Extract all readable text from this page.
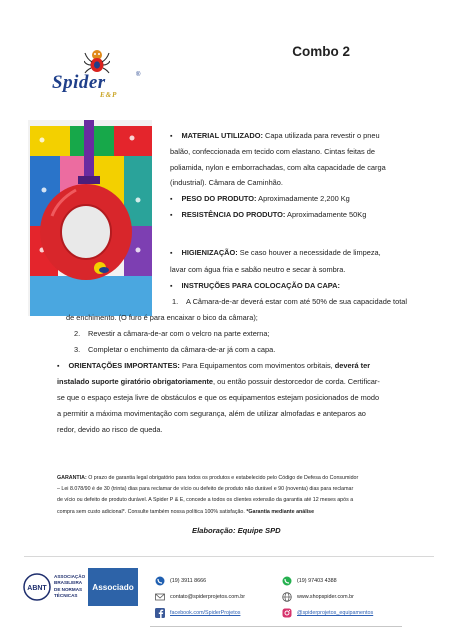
Spider	®
E&P
Combo 2
▪ MATERIAL UTILIZADO: Capa utilizada para revestir o pneu
balão, confeccionada em tecido com elastano. Cintas feitas de
poliamida, nylon e emborrachadas, com alta capacidade de carga
(industrial). Câmara de Caminhão.
▪ PESO DO PRODUTO: Aproximadamente 2,200 Kg
▪ RESISTÊNCIA DO PRODUTO: Aproximadamente 50Kg
▪ HIGIENIZAÇÃO: Se caso houver a necessidade de limpeza,
lavar com água fria e sabão neutro e secar à sombra.
▪ INSTRUÇÕES PARA COLOCAÇÃO DA CAPA:
1. A Câmara-de-ar deverá estar com até 50% de sua capacidade total
de enchimento. (O furo é para encaixar o bico da câmara);
2. Revestir a câmara-de-ar com o velcro na parte externa;
3. Completar o enchimento da câmara-de-ar já com a capa.
▪ ORIENTAÇÕES IMPORTANTES: Para Equipamentos com movimentos orbitais, deverá ter
instalado suporte giratório obrigatoriamente, ou então possuir destorcedor de corda. Certificar-
se que o espaço esteja livre de obstáculos e que os equipamentos estejam posicionados de modo
a permitir a máxima movimentação com segurança, além de utilizar almofadas e anteparos ao
redor, devido ao risco de queda.
GARANTIA: O prazo de garantia legal obrigatório para todos os produtos e estabelecido pelo Código de Defesa do Consumidor
– Lei 8.078/90 é de 30 (trinta) dias para reclamar de vício ou defeito de produto não durável e 90 (noventa) dias para reclamar
de vício ou defeito de produto durável. A Spider P & E, concede a todos os clientes extensão da garantia até 12 meses após a
compra sem custo adicional*. Consulte também nossa política 100% satisfação. *Garantia mediante análise
Elaboração: Equipe SPD
ABNT
ASSOCIAÇÃO
BRASILEIRA
DE NORMAS
TÉCNICAS
Associado
(19) 3911 8666	(19) 97403 4388
contato@spiderprojetos.com.br	www.shopspider.com.br
facebook.com/SpiderProjetos	@spiderprojetos_equipamentos
